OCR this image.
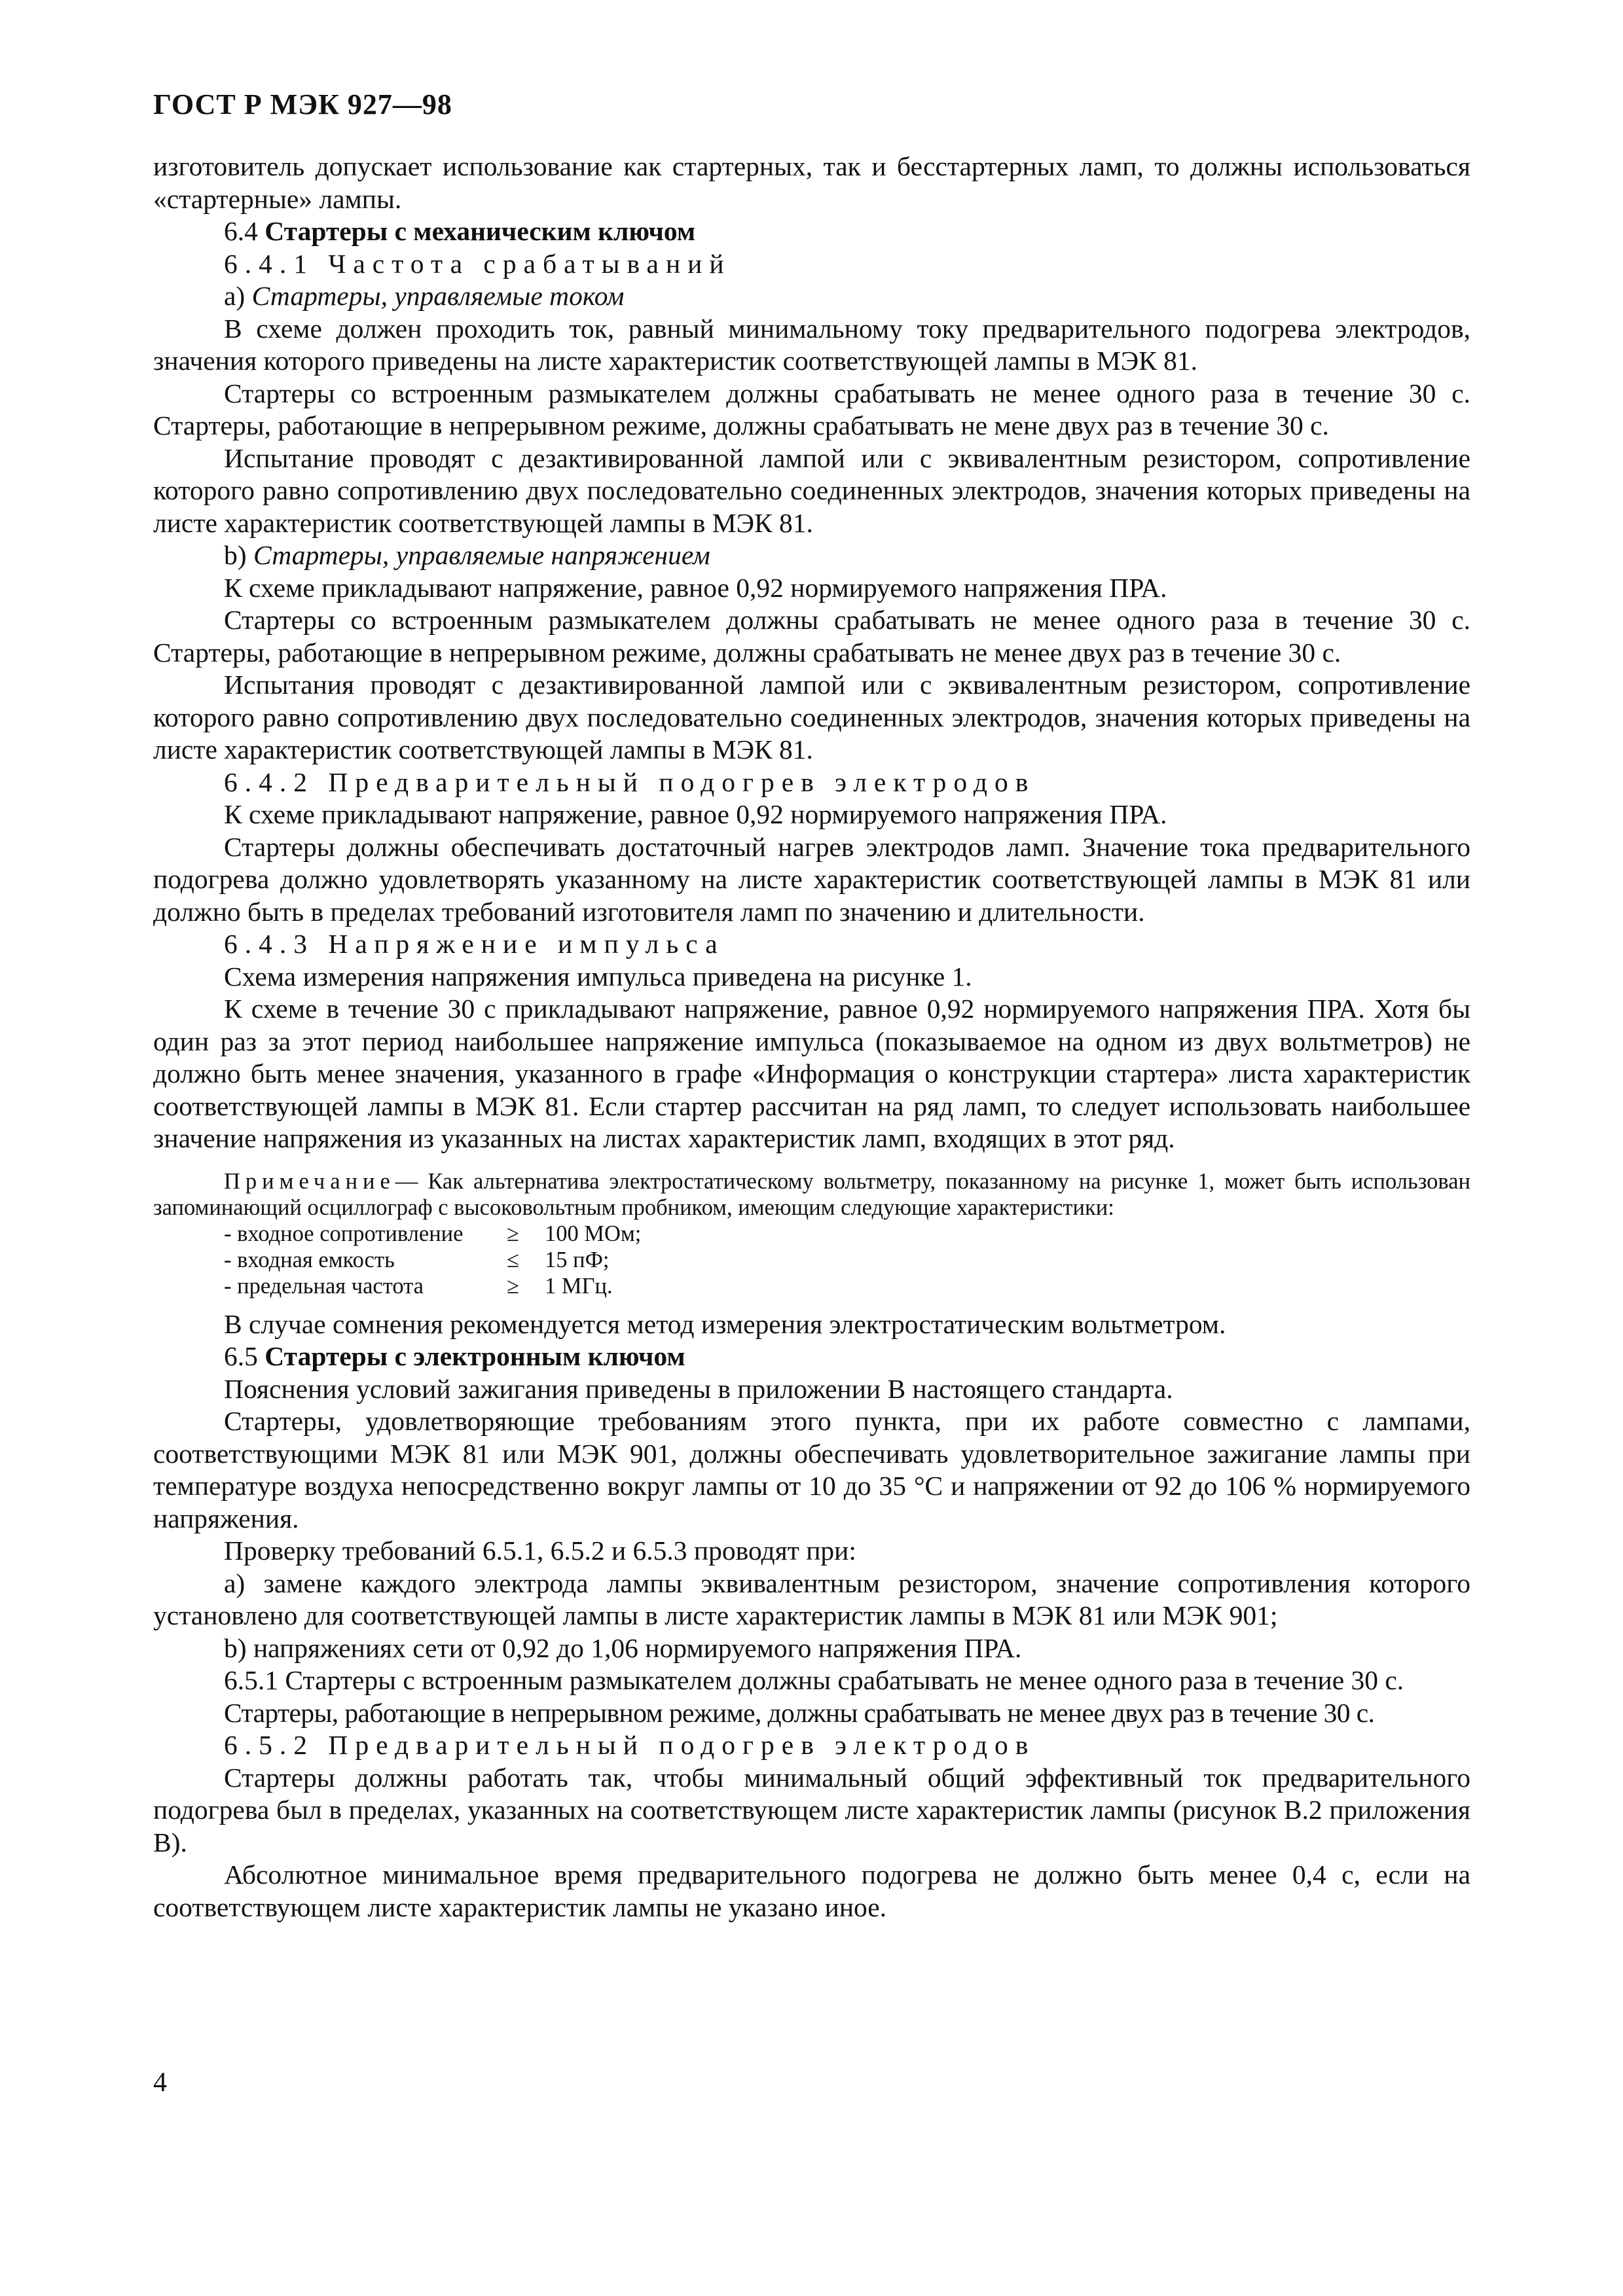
ГОСТ Р МЭК 927—98

изготовитель допускает использование как стартерных, так и бесстартерных ламп, то должны использоваться «стартерные» лампы.

6.4 Стартеры с механическим ключом

6.4.1 Частота срабатываний

а) Стартеры, управляемые током

В схеме должен проходить ток, равный минимальному току предварительного подогрева электродов, значения которого приведены на листе характеристик соответствующей лампы в МЭК 81.

Стартеры со встроенным размыкателем должны срабатывать не менее одного раза в течение 30 с. Стартеры, работающие в непрерывном режиме, должны срабатывать не мене двух раз в течение 30 с.

Испытание проводят с дезактивированной лампой или с эквивалентным резистором, сопротивление которого равно сопротивлению двух последовательно соединенных электродов, значения которых приведены на листе характеристик соответствующей лампы в МЭК 81.

b) Стартеры, управляемые напряжением

К схеме прикладывают напряжение, равное 0,92 нормируемого напряжения ПРА.

Стартеры со встроенным размыкателем должны срабатывать не менее одного раза в течение 30 с. Стартеры, работающие в непрерывном режиме, должны срабатывать не менее двух раз в течение 30 с.

Испытания проводят с дезактивированной лампой или с эквивалентным резистором, сопротивление которого равно сопротивлению двух последовательно соединенных электродов, значения которых приведены на листе характеристик соответствующей лампы в МЭК 81.

6.4.2 Предварительный подогрев электродов

К схеме прикладывают напряжение, равное 0,92 нормируемого напряжения ПРА.

Стартеры должны обеспечивать достаточный нагрев электродов ламп. Значение тока предварительного подогрева должно удовлетворять указанному на листе характеристик соответствующей лампы в МЭК 81 или должно быть в пределах требований изготовителя ламп по значению и длительности.

6.4.3 Напряжение импульса

Схема измерения напряжения импульса приведена на рисунке 1.

К схеме в течение 30 с прикладывают напряжение, равное 0,92 нормируемого напряжения ПРА. Хотя бы один раз за этот период наибольшее напряжение импульса (показываемое на одном из двух вольтметров) не должно быть менее значения, указанного в графе «Информация о конструкции стартера» листа характеристик соответствующей лампы в МЭК 81. Если стартер рассчитан на ряд ламп, то следует использовать наибольшее значение напряжения из указанных на листах характеристик ламп, входящих в этот ряд.

Примечание— Как альтернатива электростатическому вольтметру, показанному на рисунке 1, может быть использован запоминающий осциллограф с высоковольтным пробником, имеющим следующие характеристики:

- входное сопротивление	≥	100 МОм;
- входная емкость	≤	15 пФ;
- предельная частота	≥	1 МГц.

В случае сомнения рекомендуется метод измерения электростатическим вольтметром.

6.5 Стартеры с электронным ключом

Пояснения условий зажигания приведены в приложении В настоящего стандарта.

Стартеры, удовлетворяющие требованиям этого пункта, при их работе совместно с лампами, соответствующими МЭК 81 или МЭК 901, должны обеспечивать удовлетворительное зажигание лампы при температуре воздуха непосредственно вокруг лампы от 10 до 35 °С и напряжении от 92 до 106 % нормируемого напряжения.

Проверку требований 6.5.1, 6.5.2 и 6.5.3 проводят при:

а) замене каждого электрода лампы эквивалентным резистором, значение сопротивления которого установлено для соответствующей лампы в листе характеристик лампы в МЭК 81 или МЭК 901;

b) напряжениях сети от 0,92 до 1,06 нормируемого напряжения ПРА.

6.5.1 Стартеры с встроенным размыкателем должны срабатывать не менее одного раза в течение 30 с.

Стартеры, работающие в непрерывном режиме, должны срабатывать не менее двух раз в течение 30 с.

6.5.2 Предварительный подогрев электродов

Стартеры должны работать так, чтобы минимальный общий эффективный ток предварительного подогрева был в пределах, указанных на соответствующем листе характеристик лампы (рисунок В.2 приложения В).

Абсолютное минимальное время предварительного подогрева не должно быть менее 0,4 с, если на соответствующем листе характеристик лампы не указано иное.

4
